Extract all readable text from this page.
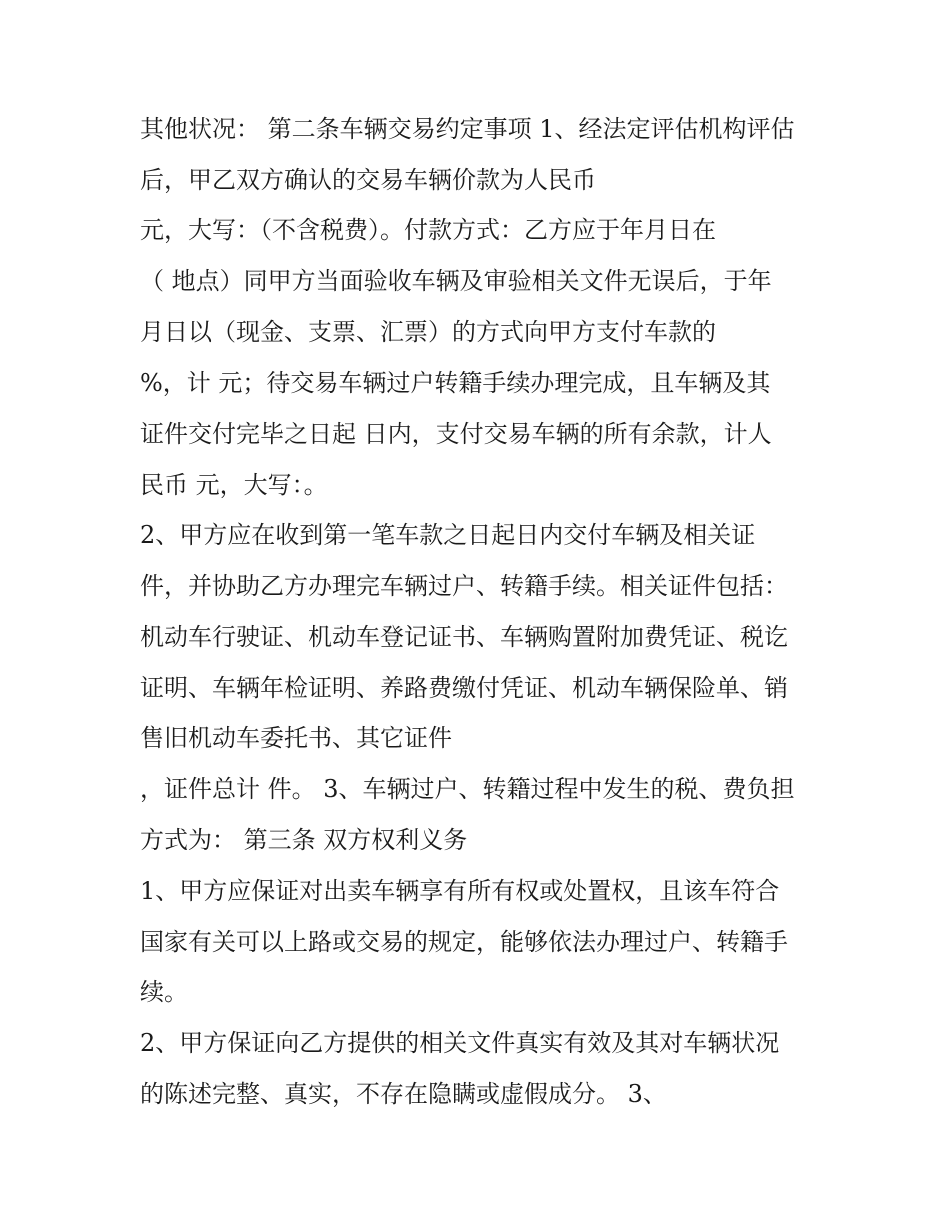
其他状况： 第二条车辆交易约定事项 1、经法定评估机构评估
后，甲乙双方确认的交易车辆价款为人民币
元，大写：（不含税费）。付款方式：乙方应于年月日在
（ 地点）同甲方当面验收车辆及审验相关文件无误后，于年
月日以（现金、支票、汇票）的方式向甲方支付车款的
%，计 元；待交易车辆过户转籍手续办理完成，且车辆及其
证件交付完毕之日起 日内，支付交易车辆的所有余款，计人
民币 元，大写：。
2、甲方应在收到第一笔车款之日起日内交付车辆及相关证
件，并协助乙方办理完车辆过户、转籍手续。相关证件包括：
机动车行驶证、机动车登记证书、车辆购置附加费凭证、税讫
证明、车辆年检证明、养路费缴付凭证、机动车辆保险单、销
售旧机动车委托书、其它证件
，证件总计 件。 3、车辆过户、转籍过程中发生的税、费负担
方式为： 第三条 双方权利义务
1、甲方应保证对出卖车辆享有所有权或处置权，且该车符合
国家有关可以上路或交易的规定，能够依法办理过户、转籍手
续。
2、甲方保证向乙方提供的相关文件真实有效及其对车辆状况
的陈述完整、真实，不存在隐瞒或虚假成分。 3、
